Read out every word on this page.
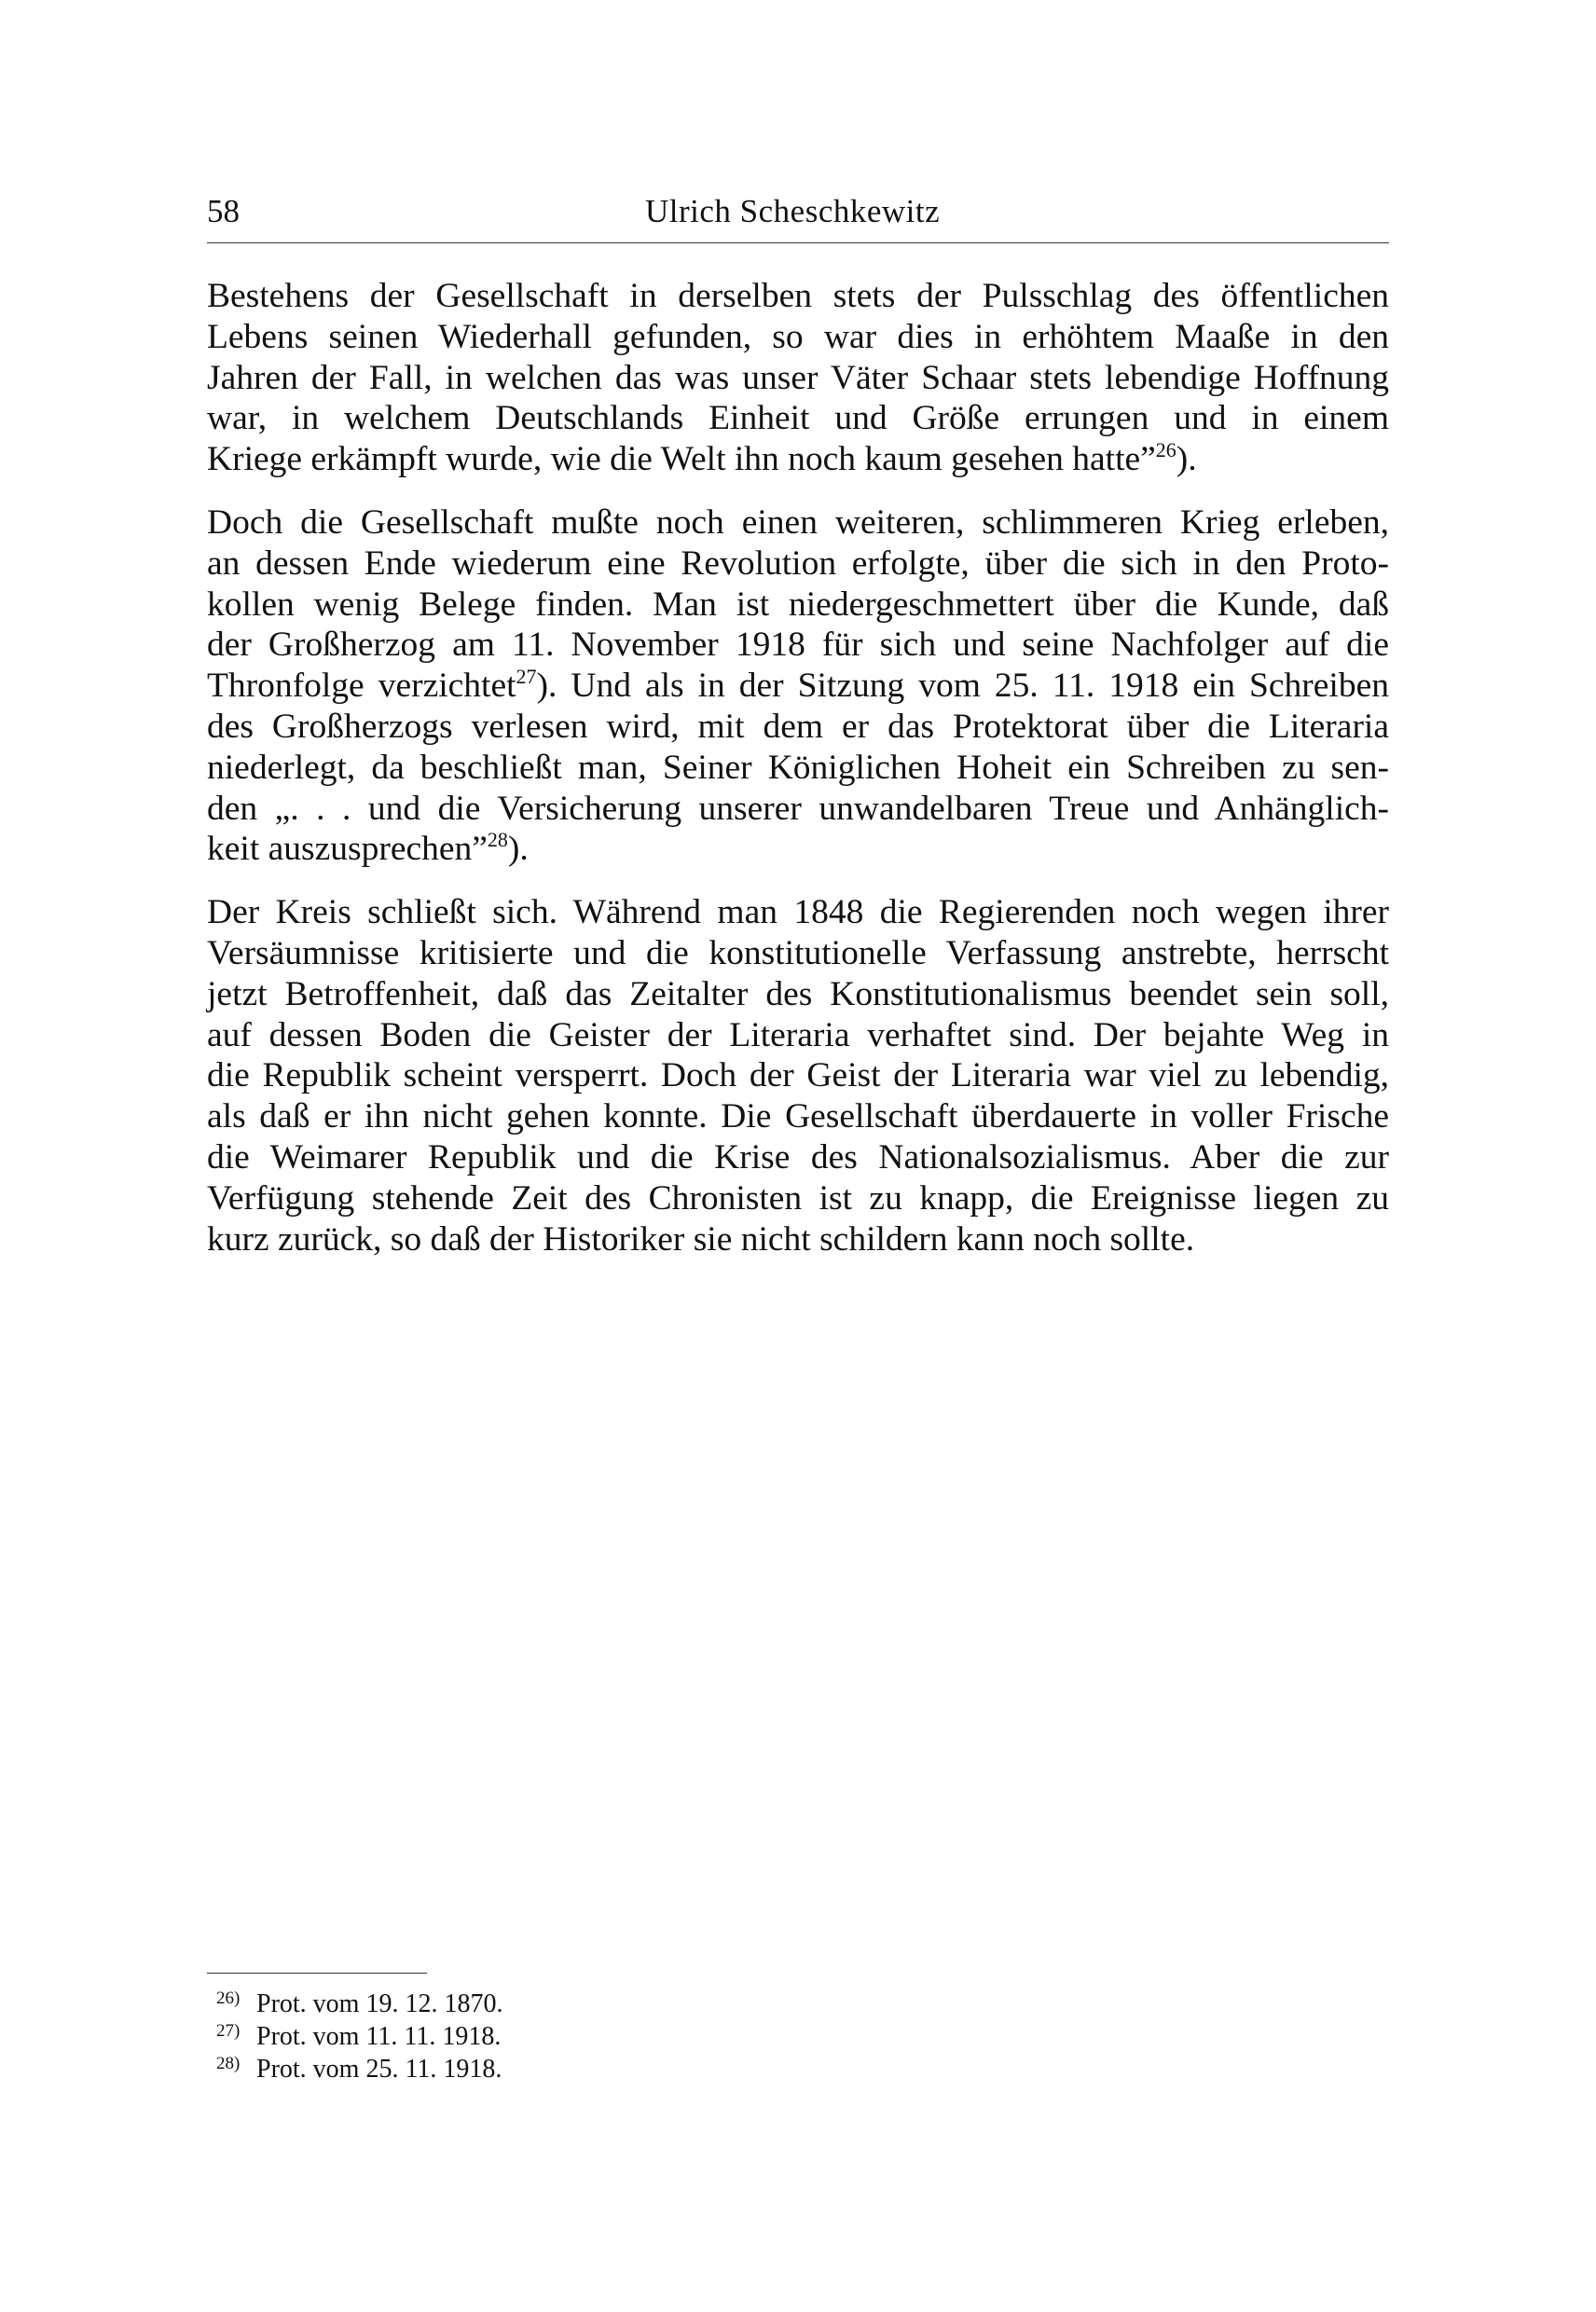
58	Ulrich Scheschkewitz

Bestehens der Gesellschaft in derselben stets der Pulsschlag des öffentlichen
Lebens seinen Wiederhall gefunden, so war dies in erhöhtem Maaße in den
Jahren der Fall, in welchen das was unser Väter Schaar stets lebendige Hoffnung
war, in welchem Deutschlands Einheit und Größe errungen und in einem
Kriege erkämpft wurde, wie die Welt ihn noch kaum gesehen hatte”$^{26}$).

Doch die Gesellschaft mußte noch einen weiteren, schlimmeren Krieg erleben,
an dessen Ende wiederum eine Revolution erfolgte, über die sich in den Proto-
kollen wenig Belege finden. Man ist niedergeschmettert über die Kunde, daß
der Großherzog am 11. November 1918 für sich und seine Nachfolger auf die
Thronfolge verzichtet$^{27}$). Und als in der Sitzung vom 25. 11. 1918 ein Schreiben
des Großherzogs verlesen wird, mit dem er das Protektorat über die Literaria
niederlegt, da beschließt man, Seiner Königlichen Hoheit ein Schreiben zu sen-
den „. . . und die Versicherung unserer unwandelbaren Treue und Anhänglich-
keit auszusprechen”$^{28}$).

Der Kreis schließt sich. Während man 1848 die Regierenden noch wegen ihrer
Versäumnisse kritisierte und die konstitutionelle Verfassung anstrebte, herrscht
jetzt Betroffenheit, daß das Zeitalter des Konstitutionalismus beendet sein soll,
auf dessen Boden die Geister der Literaria verhaftet sind. Der bejahte Weg in
die Republik scheint versperrt. Doch der Geist der Literaria war viel zu lebendig,
als daß er ihn nicht gehen konnte. Die Gesellschaft überdauerte in voller Frische
die Weimarer Republik und die Krise des Nationalsozialismus. Aber die zur
Verfügung stehende Zeit des Chronisten ist zu knapp, die Ereignisse liegen zu
kurz zurück, so daß der Historiker sie nicht schildern kann noch sollte.

26) Prot. vom 19. 12. 1870.
27) Prot. vom 11. 11. 1918.
28) Prot. vom 25. 11. 1918.
